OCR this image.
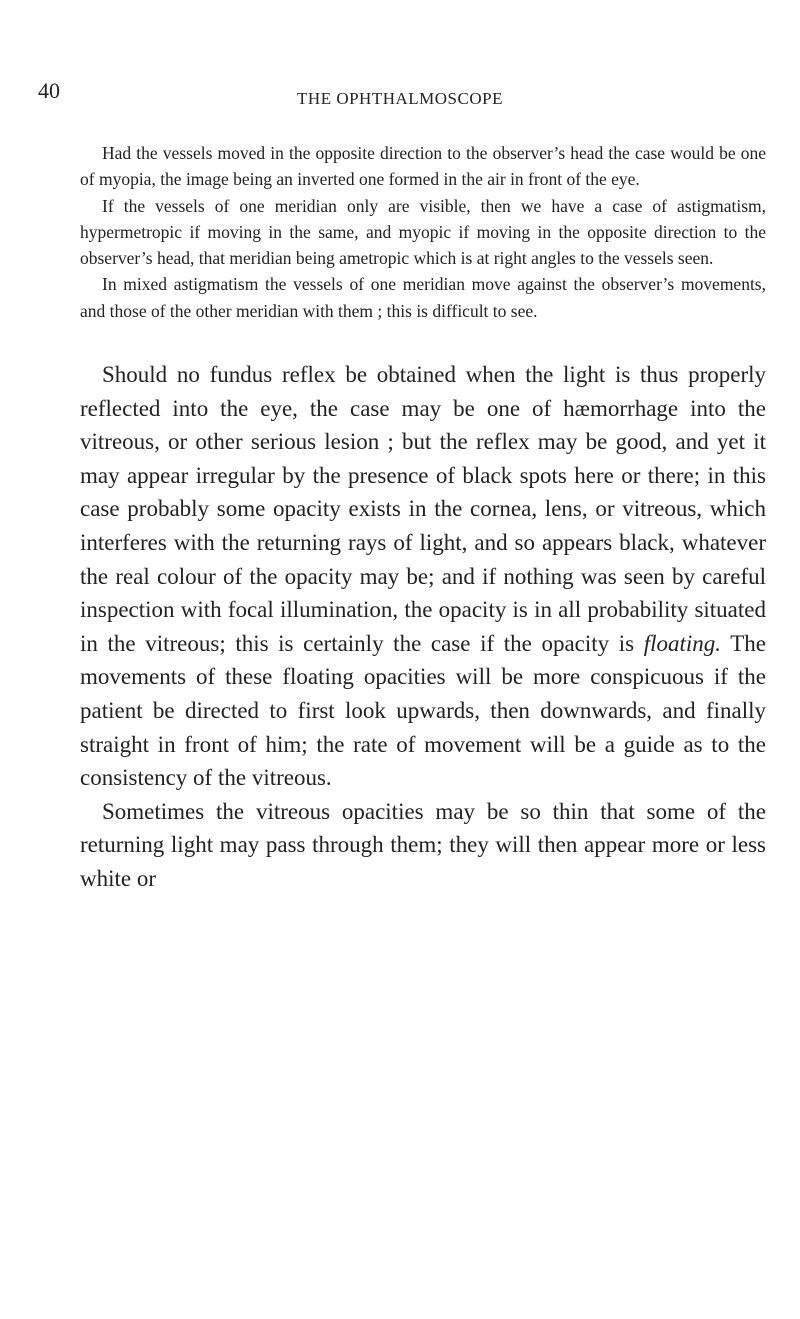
40	THE OPHTHALMOSCOPE

Had the vessels moved in the opposite direction to the observer’s head the case would be one of myopia, the image being an inverted one formed in the air in front of the eye.

If the vessels of one meridian only are visible, then we have a case of astigmatism, hypermetropic if moving in the same, and myopic if moving in the opposite direction to the observer’s head, that meridian being ametropic which is at right angles to the vessels seen.

In mixed astigmatism the vessels of one meridian move against the observer’s movements, and those of the other meridian with them ; this is difficult to see.

Should no fundus reflex be obtained when the light is thus properly reflected into the eye, the case may be one of hæmorrhage into the vitreous, or other serious lesion ; but the reflex may be good, and yet it may appear irregular by the presence of black spots here or there; in this case probably some opacity exists in the cornea, lens, or vitreous, which interferes with the returning rays of light, and so appears black, whatever the real colour of the opacity may be; and if nothing was seen by careful inspection with focal illumination, the opacity is in all probability situated in the vitreous; this is certainly the case if the opacity is floating. The movements of these floating opacities will be more conspicuous if the patient be directed to first look upwards, then downwards, and finally straight in front of him; the rate of movement will be a guide as to the consistency of the vitreous.

Sometimes the vitreous opacities may be so thin that some of the returning light may pass through them; they will then appear more or less white or
